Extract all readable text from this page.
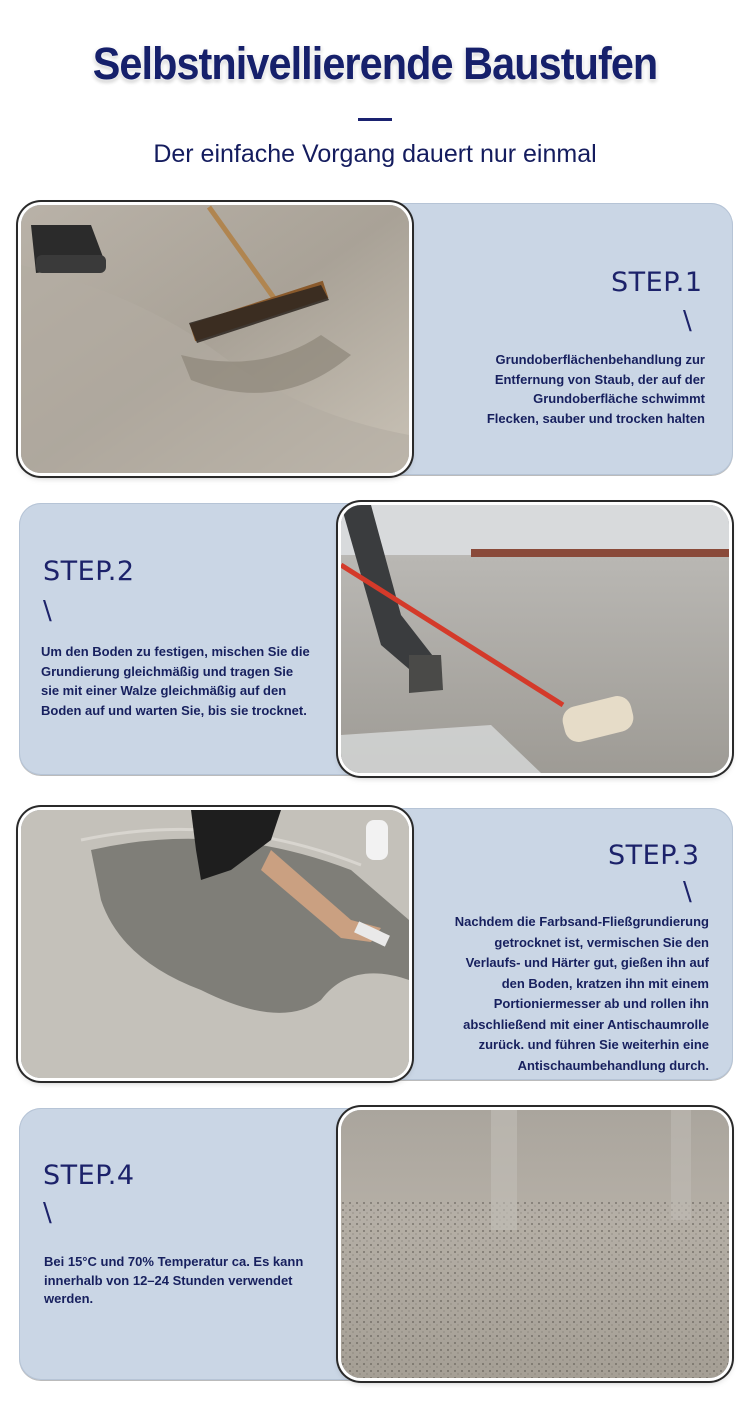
Selbstnivellierende Baustufen
Der einfache Vorgang dauert nur einmal
STEP.1
\
Grundoberflächenbehandlung zur
Entfernung von Staub, der auf der
Grundoberfläche schwimmt
Flecken, sauber und trocken halten
STEP.2
\
Um den Boden zu festigen, mischen Sie die
Grundierung gleichmäßig und tragen Sie
sie mit einer Walze gleichmäßig auf den
Boden auf und warten Sie, bis sie trocknet.
STEP.3
\
Nachdem die Farbsand-Fließgrundierung
getrocknet ist, vermischen Sie den
Verlaufs- und Härter gut, gießen ihn auf
den Boden, kratzen ihn mit einem
Portioniermesser ab und rollen ihn
abschließend mit einer Antischaumrolle
zurück. und führen Sie weiterhin eine
Antischaumbehandlung durch.
STEP.4
\
Bei 15°C und 70% Temperatur ca. Es kann
innerhalb von 12–24 Stunden verwendet
werden.
